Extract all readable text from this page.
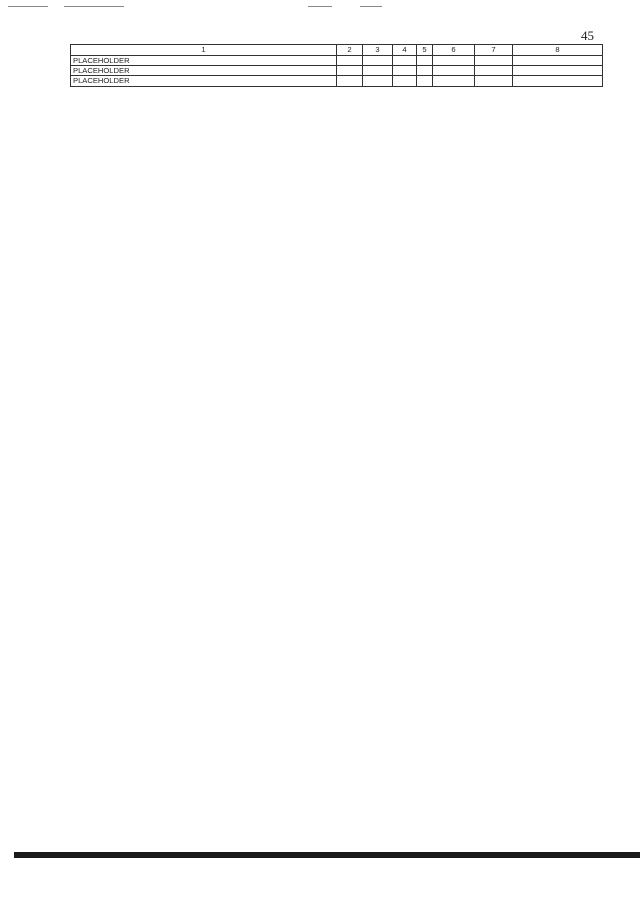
45
1	2	3	4	5	6	7	8
PLACEHOLDER							
PLACEHOLDER							
PLACEHOLDER							
